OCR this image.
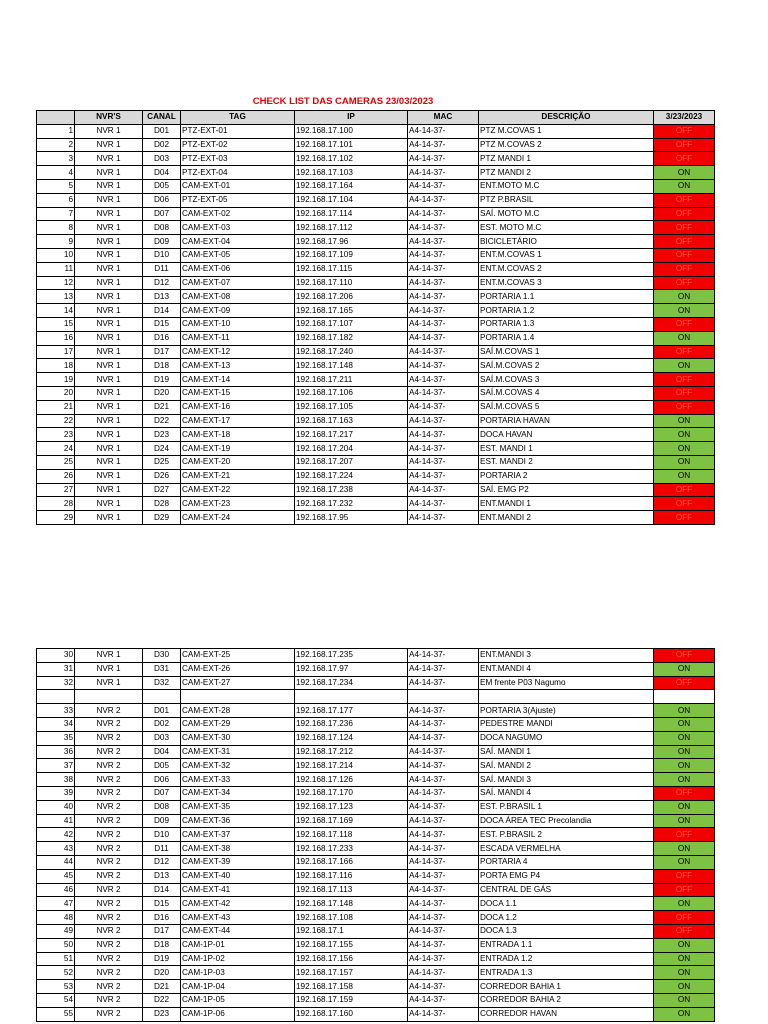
CHECK LIST DAS CAMERAS 23/03/2023
	NVR'S	CANAL	TAG	IP	MAC	DESCRIÇÃO	3/23/2023
1	NVR 1	D01	PTZ-EXT-01	192.168.17.100	A4-14-37-	PTZ M.COVAS 1	OFF
2	NVR 1	D02	PTZ-EXT-02	192.168.17.101	A4-14-37-	PTZ M.COVAS 2	OFF
3	NVR 1	D03	PTZ-EXT-03	192.168.17.102	A4-14-37-	PTZ MANDI 1	OFF
4	NVR 1	D04	PTZ-EXT-04	192.168.17.103	A4-14-37-	PTZ MANDI 2	ON
5	NVR 1	D05	CAM-EXT-01	192.168.17.164	A4-14-37-	ENT.MOTO M.C	ON
6	NVR 1	D06	PTZ-EXT-05	192.168.17.104	A4-14-37-	PTZ P.BRASIL	OFF
7	NVR 1	D07	CAM-EXT-02	192.168.17.114	A4-14-37-	SAÍ. MOTO M.C	OFF
8	NVR 1	D08	CAM-EXT-03	192.168.17.112	A4-14-37-	EST. MOTO M.C	OFF
9	NVR 1	D09	CAM-EXT-04	192.168.17.96	A4-14-37-	BICICLETÁRIO	OFF
10	NVR 1	D10	CAM-EXT-05	192.168.17.109	A4-14-37-	ENT.M.COVAS 1	OFF
11	NVR 1	D11	CAM-EXT-06	192.168.17.115	A4-14-37-	ENT.M.COVAS 2	OFF
12	NVR 1	D12	CAM-EXT-07	192.168.17.110	A4-14-37-	ENT.M.COVAS 3	OFF
13	NVR 1	D13	CAM-EXT-08	192.168.17.206	A4-14-37-	PORTARIA 1.1	ON
14	NVR 1	D14	CAM-EXT-09	192.168.17.165	A4-14-37-	PORTARIA 1.2	ON
15	NVR 1	D15	CAM-EXT-10	192.168.17.107	A4-14-37-	PORTARIA 1.3	OFF
16	NVR 1	D16	CAM-EXT-11	192.168.17.182	A4-14-37-	PORTARIA 1.4	ON
17	NVR 1	D17	CAM-EXT-12	192.168.17.240	A4-14-37-	SAÍ.M.COVAS 1	OFF
18	NVR 1	D18	CAM-EXT-13	192.168.17.148	A4-14-37-	SAÍ.M.COVAS 2	ON
19	NVR 1	D19	CAM-EXT-14	192.168.17.211	A4-14-37-	SAÍ.M.COVAS 3	OFF
20	NVR 1	D20	CAM-EXT-15	192.168.17.106	A4-14-37-	SAÍ.M.COVAS 4	OFF
21	NVR 1	D21	CAM-EXT-16	192.168.17.105	A4-14-37-	SAÍ.M.COVAS 5	OFF
22	NVR 1	D22	CAM-EXT-17	192.168.17.163	A4-14-37-	PORTARIA HAVAN	ON
23	NVR 1	D23	CAM-EXT-18	192.168.17.217	A4-14-37-	DOCA HAVAN	ON
24	NVR 1	D24	CAM-EXT-19	192.168.17.204	A4-14-37-	EST. MANDI 1	ON
25	NVR 1	D25	CAM-EXT-20	192.168.17.207	A4-14-37-	EST. MANDI 2	ON
26	NVR 1	D26	CAM-EXT-21	192.168.17.224	A4-14-37-	PORTARIA 2	ON
27	NVR 1	D27	CAM-EXT-22	192.168.17.238	A4-14-37-	SAÍ. EMG P2	OFF
28	NVR 1	D28	CAM-EXT-23	192.168.17.232	A4-14-37-	ENT.MANDI 1	OFF
29	NVR 1	D29	CAM-EXT-24	192.168.17.95	A4-14-37-	ENT.MANDI 2	OFF
30	NVR 1	D30	CAM-EXT-25	192.168.17.235	A4-14-37-	ENT.MANDI 3	OFF
31	NVR 1	D31	CAM-EXT-26	192.168.17.97	A4-14-37-	ENT.MANDI 4	ON
32	NVR 1	D32	CAM-EXT-27	192.168.17.234	A4-14-37-	EM frente P03 Nagumo	OFF

33	NVR 2	D01	CAM-EXT-28	192.168.17.177	A4-14-37-	PORTARIA 3(Ajuste)	ON
34	NVR 2	D02	CAM-EXT-29	192.168.17.236	A4-14-37-	PEDESTRE MANDI	ON
35	NVR 2	D03	CAM-EXT-30	192.168.17.124	A4-14-37-	DOCA NAGUMO	ON
36	NVR 2	D04	CAM-EXT-31	192.168.17.212	A4-14-37-	SAÍ. MANDI 1	ON
37	NVR 2	D05	CAM-EXT-32	192.168.17.214	A4-14-37-	SAÍ. MANDI 2	ON
38	NVR 2	D06	CAM-EXT-33	192.168.17.126	A4-14-37-	SAÍ. MANDI 3	ON
39	NVR 2	D07	CAM-EXT-34	192.168.17.170	A4-14-37-	SAÍ. MANDI 4	OFF
40	NVR 2	D08	CAM-EXT-35	192.168.17.123	A4-14-37-	EST. P.BRASIL 1	ON
41	NVR 2	D09	CAM-EXT-36	192.168.17.169	A4-14-37-	DOCA ÁREA TEC Precolandia	ON
42	NVR 2	D10	CAM-EXT-37	192.168.17.118	A4-14-37-	EST. P.BRASIL 2	OFF
43	NVR 2	D11	CAM-EXT-38	192.168.17.233	A4-14-37-	ESCADA VERMELHA	ON
44	NVR 2	D12	CAM-EXT-39	192.168.17.166	A4-14-37-	PORTARIA 4	ON
45	NVR 2	D13	CAM-EXT-40	192.168.17.116	A4-14-37-	PORTA EMG P4	OFF
46	NVR 2	D14	CAM-EXT-41	192.168.17.113	A4-14-37-	CENTRAL DE GÁS	OFF
47	NVR 2	D15	CAM-EXT-42	192.168.17.148	A4-14-37-	DOCA 1.1	ON
48	NVR 2	D16	CAM-EXT-43	192.168.17.108	A4-14-37-	DOCA 1.2	OFF
49	NVR 2	D17	CAM-EXT-44	192.168.17.1	A4-14-37-	DOCA 1.3	OFF
50	NVR 2	D18	CAM-1P-01	192.168.17.155	A4-14-37-	ENTRADA 1.1	ON
51	NVR 2	D19	CAM-1P-02	192.168.17.156	A4-14-37-	ENTRADA 1.2	ON
52	NVR 2	D20	CAM-1P-03	192.168.17.157	A4-14-37-	ENTRADA 1.3	ON
53	NVR 2	D21	CAM-1P-04	192.168.17.158	A4-14-37-	CORREDOR BAHIA 1	ON
54	NVR 2	D22	CAM-1P-05	192.168.17.159	A4-14-37-	CORREDOR BAHIA 2	ON
55	NVR 2	D23	CAM-1P-06	192.168.17.160	A4-14-37-	CORREDOR HAVAN	ON
